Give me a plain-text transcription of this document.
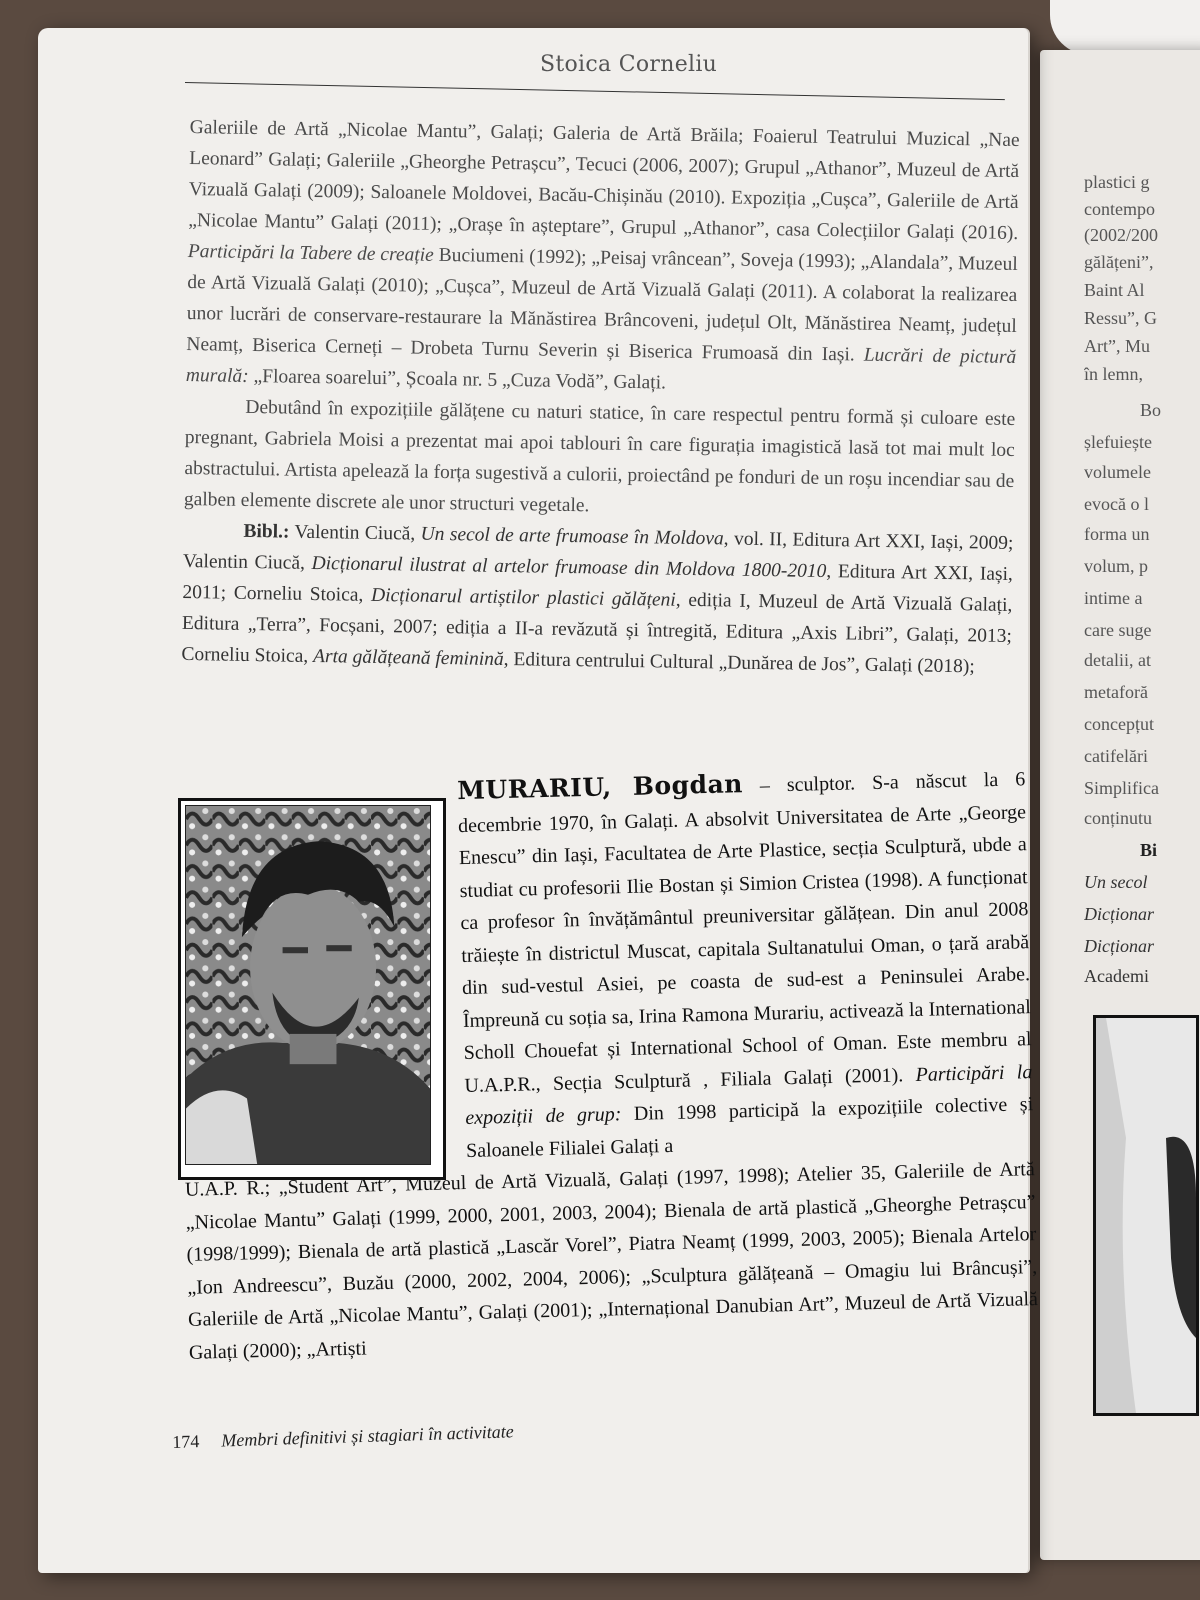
Stoica Corneliu

Galeriile de Artă „Nicolae Mantu”, Galați; Galeria de Artă Brăila; Foaierul Teatrului Muzical „Nae Leonard” Galați; Galeriile „Gheorghe Petrașcu”, Tecuci (2006, 2007); Grupul „Athanor”, Muzeul de Artă Vizuală Galați (2009); Saloanele Moldovei, Bacău-Chișinău (2010). Expoziția „Cușca”, Galeriile de Artă „Nicolae Mantu” Galați (2011); „Orașe în așteptare”, Grupul „Athanor”, casa Colecțiilor Galați (2016). Participări la Tabere de creație Buciumeni (1992); „Peisaj vrâncean”, Soveja (1993); „Alandala”, Muzeul de Artă Vizuală Galați (2010); „Cușca”, Muzeul de Artă Vizuală Galați (2011). A colaborat la realizarea unor lucrări de conservare-restaurare la Mănăstirea Brâncoveni, județul Olt, Mănăstirea Neamț, județul Neamț, Biserica Cerneți – Drobeta Turnu Severin și Biserica Frumoasă din Iași. Lucrări de pictură murală: „Floarea soarelui”, Școala nr. 5 „Cuza Vodă”, Galați.

Debutând în expozițiile gălățene cu naturi statice, în care respectul pentru formă și culoare este pregnant, Gabriela Moisi a prezentat mai apoi tablouri în care figurația imagistică lasă tot mai mult loc abstractului. Artista apelează la forța sugestivă a culorii, proiectând pe fonduri de un roșu incendiar sau de galben elemente discrete ale unor structuri vegetale.

Bibl.: Valentin Ciucă, Un secol de arte frumoase în Moldova, vol. II, Editura Art XXI, Iași, 2009; Valentin Ciucă, Dicționarul ilustrat al artelor frumoase din Moldova 1800-2010, Editura Art XXI, Iași, 2011; Corneliu Stoica, Dicționarul artiștilor plastici gălățeni, ediția I, Muzeul de Artă Vizuală Galați, Editura „Terra”, Focșani, 2007; ediția a II-a revăzută și întregită, Editura „Axis Libri”, Galați, 2013; Corneliu Stoica, Arta gălățeană feminină, Editura centrului Cultural „Dunărea de Jos”, Galați (2018);

MURARIU, Bogdan – sculptor. S-a născut la 6 decembrie 1970, în Galați. A absolvit Universitatea de Arte „George Enescu” din Iași, Facultatea de Arte Plastice, secția Sculptură, ubde a studiat cu profesorii Ilie Bostan și Simion Cristea (1998). A funcționat ca profesor în învățământul preuniversitar gălățean. Din anul 2008 trăiește în districtul Muscat, capitala Sultanatului Oman, o țară arabă din sud-vestul Asiei, pe coasta de sud-est a Peninsulei Arabe. Împreună cu soția sa, Irina Ramona Murariu, activează la International Scholl Chouefat și International School of Oman. Este membru al U.A.P.R., Secția Sculptură , Filiala Galați (2001). Participări la expoziții de grup: Din 1998 participă la expozițiile colective și Saloanele Filialei Galați a
U.A.P. R.; „Student Art”, Muzeul de Artă Vizuală, Galați (1997, 1998); Atelier 35, Galeriile de Artă „Nicolae Mantu” Galați (1999, 2000, 2001, 2003, 2004); Bienala de artă plastică „Gheorghe Petrașcu” (1998/1999); Bienala de artă plastică „Lascăr Vorel”, Piatra Neamț (1999, 2003, 2005); Bienala Artelor „Ion Andreescu”, Buzău (2000, 2002, 2004, 2006); „Sculptura gălățeană – Omagiu lui Brâncuși”, Galeriile de Artă „Nicolae Mantu”, Galați (2001); „Internațional Danubian Art”, Muzeul de Artă Vizuală Galați (2000); „Artiști
174 Membri definitivi și stagiari în activitate
plastici g
contempo
(2002/200
gălățeni”,
Baint Al
Ressu”, G
Art”, Mu
în lemn,
Bo
șlefuiește
volumele
evocă o l
forma un
volum, p
intime a
care suge
detalii, at
metaforă
concepțut
catifelări
Simplifica
conținutu
Bi
Un secol
Dicționar
Dicționar
Academi
